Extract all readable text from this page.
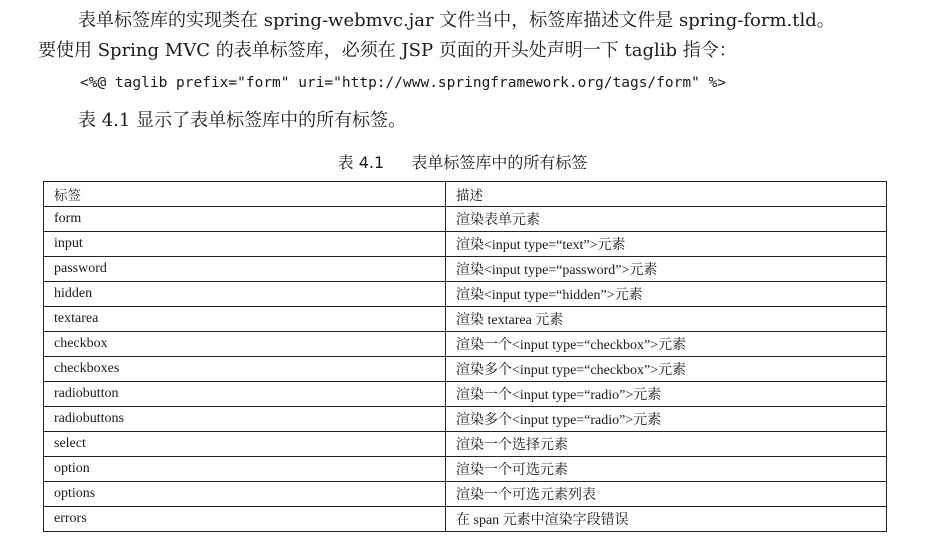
表单标签库的实现类在 spring-webmvc.jar 文件当中，标签库描述文件是 spring-form.tld。

要使用 Spring MVC 的表单标签库，必须在 JSP 页面的开头处声明一下 taglib 指令：

<%@ taglib prefix="form" uri="http://www.springframework.org/tags/form" %>

表 4.1 显示了表单标签库中的所有标签。

表 4.1 表单标签库中的所有标签
标签	描述
form	渲染表单元素
input	渲染<input type=“text”>元素
password	渲染<input type=“password”>元素
hidden	渲染<input type=“hidden”>元素
textarea	渲染 textarea 元素
checkbox	渲染一个<input type=“checkbox”>元素
checkboxes	渲染多个<input type=“checkbox”>元素
radiobutton	渲染一个<input type=“radio”>元素
radiobuttons	渲染多个<input type=“radio”>元素
select	渲染一个选择元素
option	渲染一个可选元素
options	渲染一个可选元素列表
errors	在 span 元素中渲染字段错误
